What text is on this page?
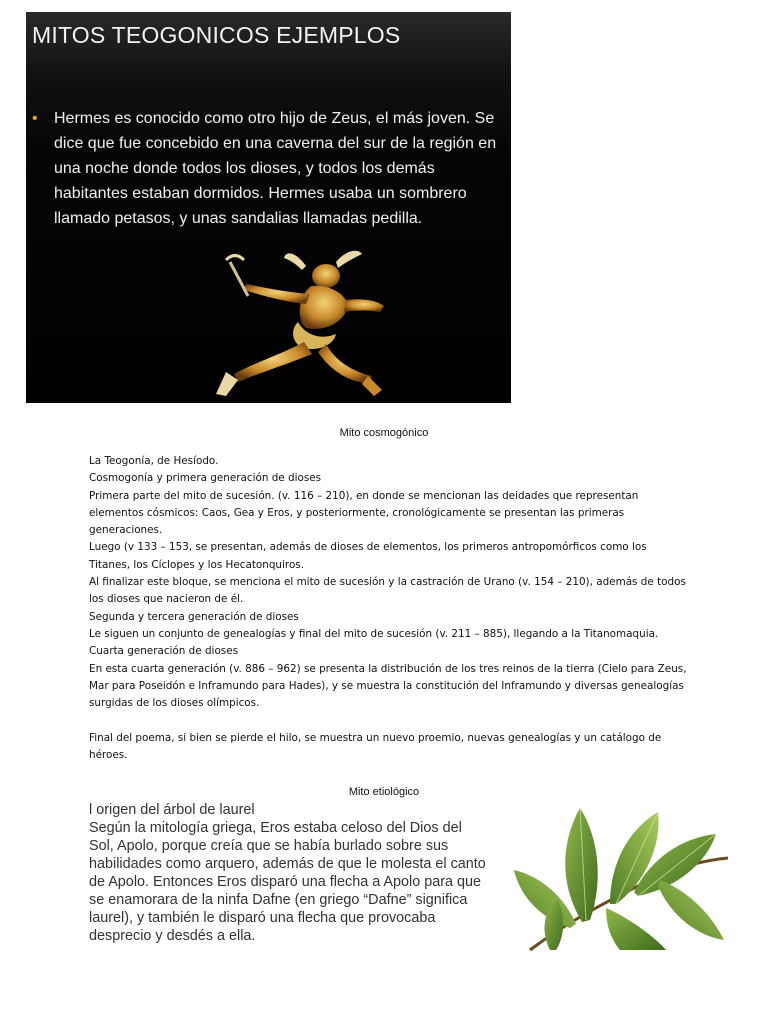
MITOS TEOGONICOS EJEMPLOS
•	Hermes es conocido como otro hijo de Zeus, el más joven. Se
dice que fue concebido en una caverna del sur de la región en
una noche donde todos los dioses, y todos los demás
habitantes estaban dormidos. Hermes usaba un sombrero
llamado petasos, y unas sandalias llamadas pedilla.

Mito cosmogónico

La Teogonía, de Hesíodo.

Cosmogonía y primera generación de dioses

Primera parte del mito de sucesión. (v. 116 – 210), en donde se mencionan las deidades que representan elementos cósmicos: Caos, Gea y Eros, y posteriormente, cronológicamente se presentan las primeras generaciones.

Luego (v 133 – 153, se presentan, además de dioses de elementos, los primeros antropomórficos como los Titanes, los Cíclopes y los Hecatonquiros.

Al finalizar este bloque, se menciona el mito de sucesión y la castración de Urano (v. 154 – 210), además de todos los dioses que nacieron de él.

Segunda y tercera generación de dioses

Le siguen un conjunto de genealogías y final del mito de sucesión (v. 211 – 885), llegando a la Titanomaquia.

Cuarta generación de dioses

En esta cuarta generación (v. 886 – 962) se presenta la distribución de los tres reinos de la tierra (Cielo para Zeus, Mar para Poseidón e Inframundo para Hades), y se muestra la constitución del Inframundo y diversas genealogías surgidas de los dioses olímpicos.

Final del poema, si bien se pierde el hilo, se muestra un nuevo proemio, nuevas genealogías y un catálogo de héroes.

Mito etiológico

l origen del árbol de laurel

Según la mitología griega, Eros estaba celoso del Dios del Sol, Apolo, porque creía que se había burlado sobre sus habilidades como arquero, además de que le molesta el canto de Apolo. Entonces Eros disparó una flecha a Apolo para que se enamorara de la ninfa Dafne (en griego “Dafne” significa laurel), y también le disparó una flecha que provocaba desprecio y desdés a ella.
